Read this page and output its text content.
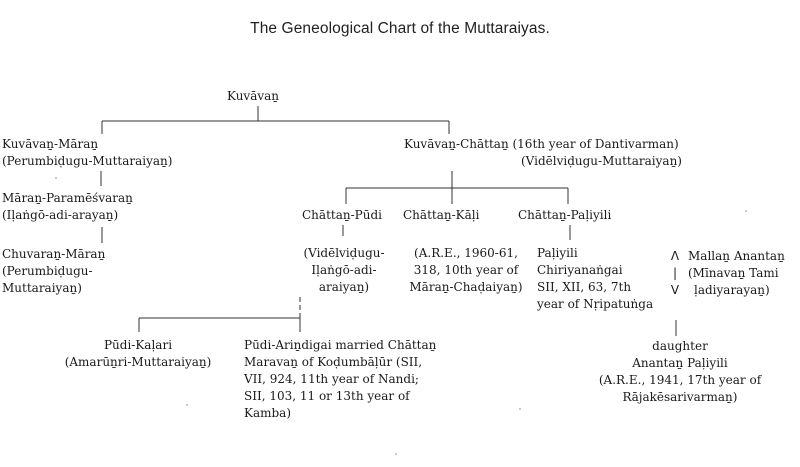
The Geneological Chart of the Muttaraiyas.
Kuvāvaṉ
Kuvāvaṉ-Māraṉ
(Perumbiḍugu-Muttaraiyaṉ)
Kuvāvaṉ-Chāttaṉ (16th year of Dantivarman)
(Vidēlviḍugu-Muttaraiyaṉ)
Māraṉ-Paramēśvaraṉ
(Iḷaṅgō-adi-arayaṉ)
Chuvaraṉ-Māraṉ
(Perumbiḍugu-
Muttaraiyaṉ)
Chāttaṉ-Pūdi Chāttaṉ-Kāḷi	Chāttaṉ-Paḷiyili
(Vidēlviḍugu-
Iḷaṅgō-adi-
araiyaṉ)
(A.R.E., 1960-61,
318, 10th year of
Māraṉ-Chaḍaiyaṉ)
Paḷiyili
Chiriyanaṅgai
SII, XII, 63, 7th
year of Nṛipatuṅga
Λ
|
V
Mallaṉ Anantaṉ
(Mīnavaṉ Tami
ḷadiyarayaṉ)
daughter
Anantaṉ Paḷiyili
(A.R.E., 1941, 17th year of
Rājakēsarivarmaṉ)
Pūdi-Kaḷari
(Amarūṉri-Muttaraiyaṉ)
Pūdi-Ariṉdigai married Chāttaṉ
Maravaṉ of Koḍumbāḷūr (SII,
VII, 924, 11th year of Nandi;
SII, 103, 11 or 13th year of
Kamba)
